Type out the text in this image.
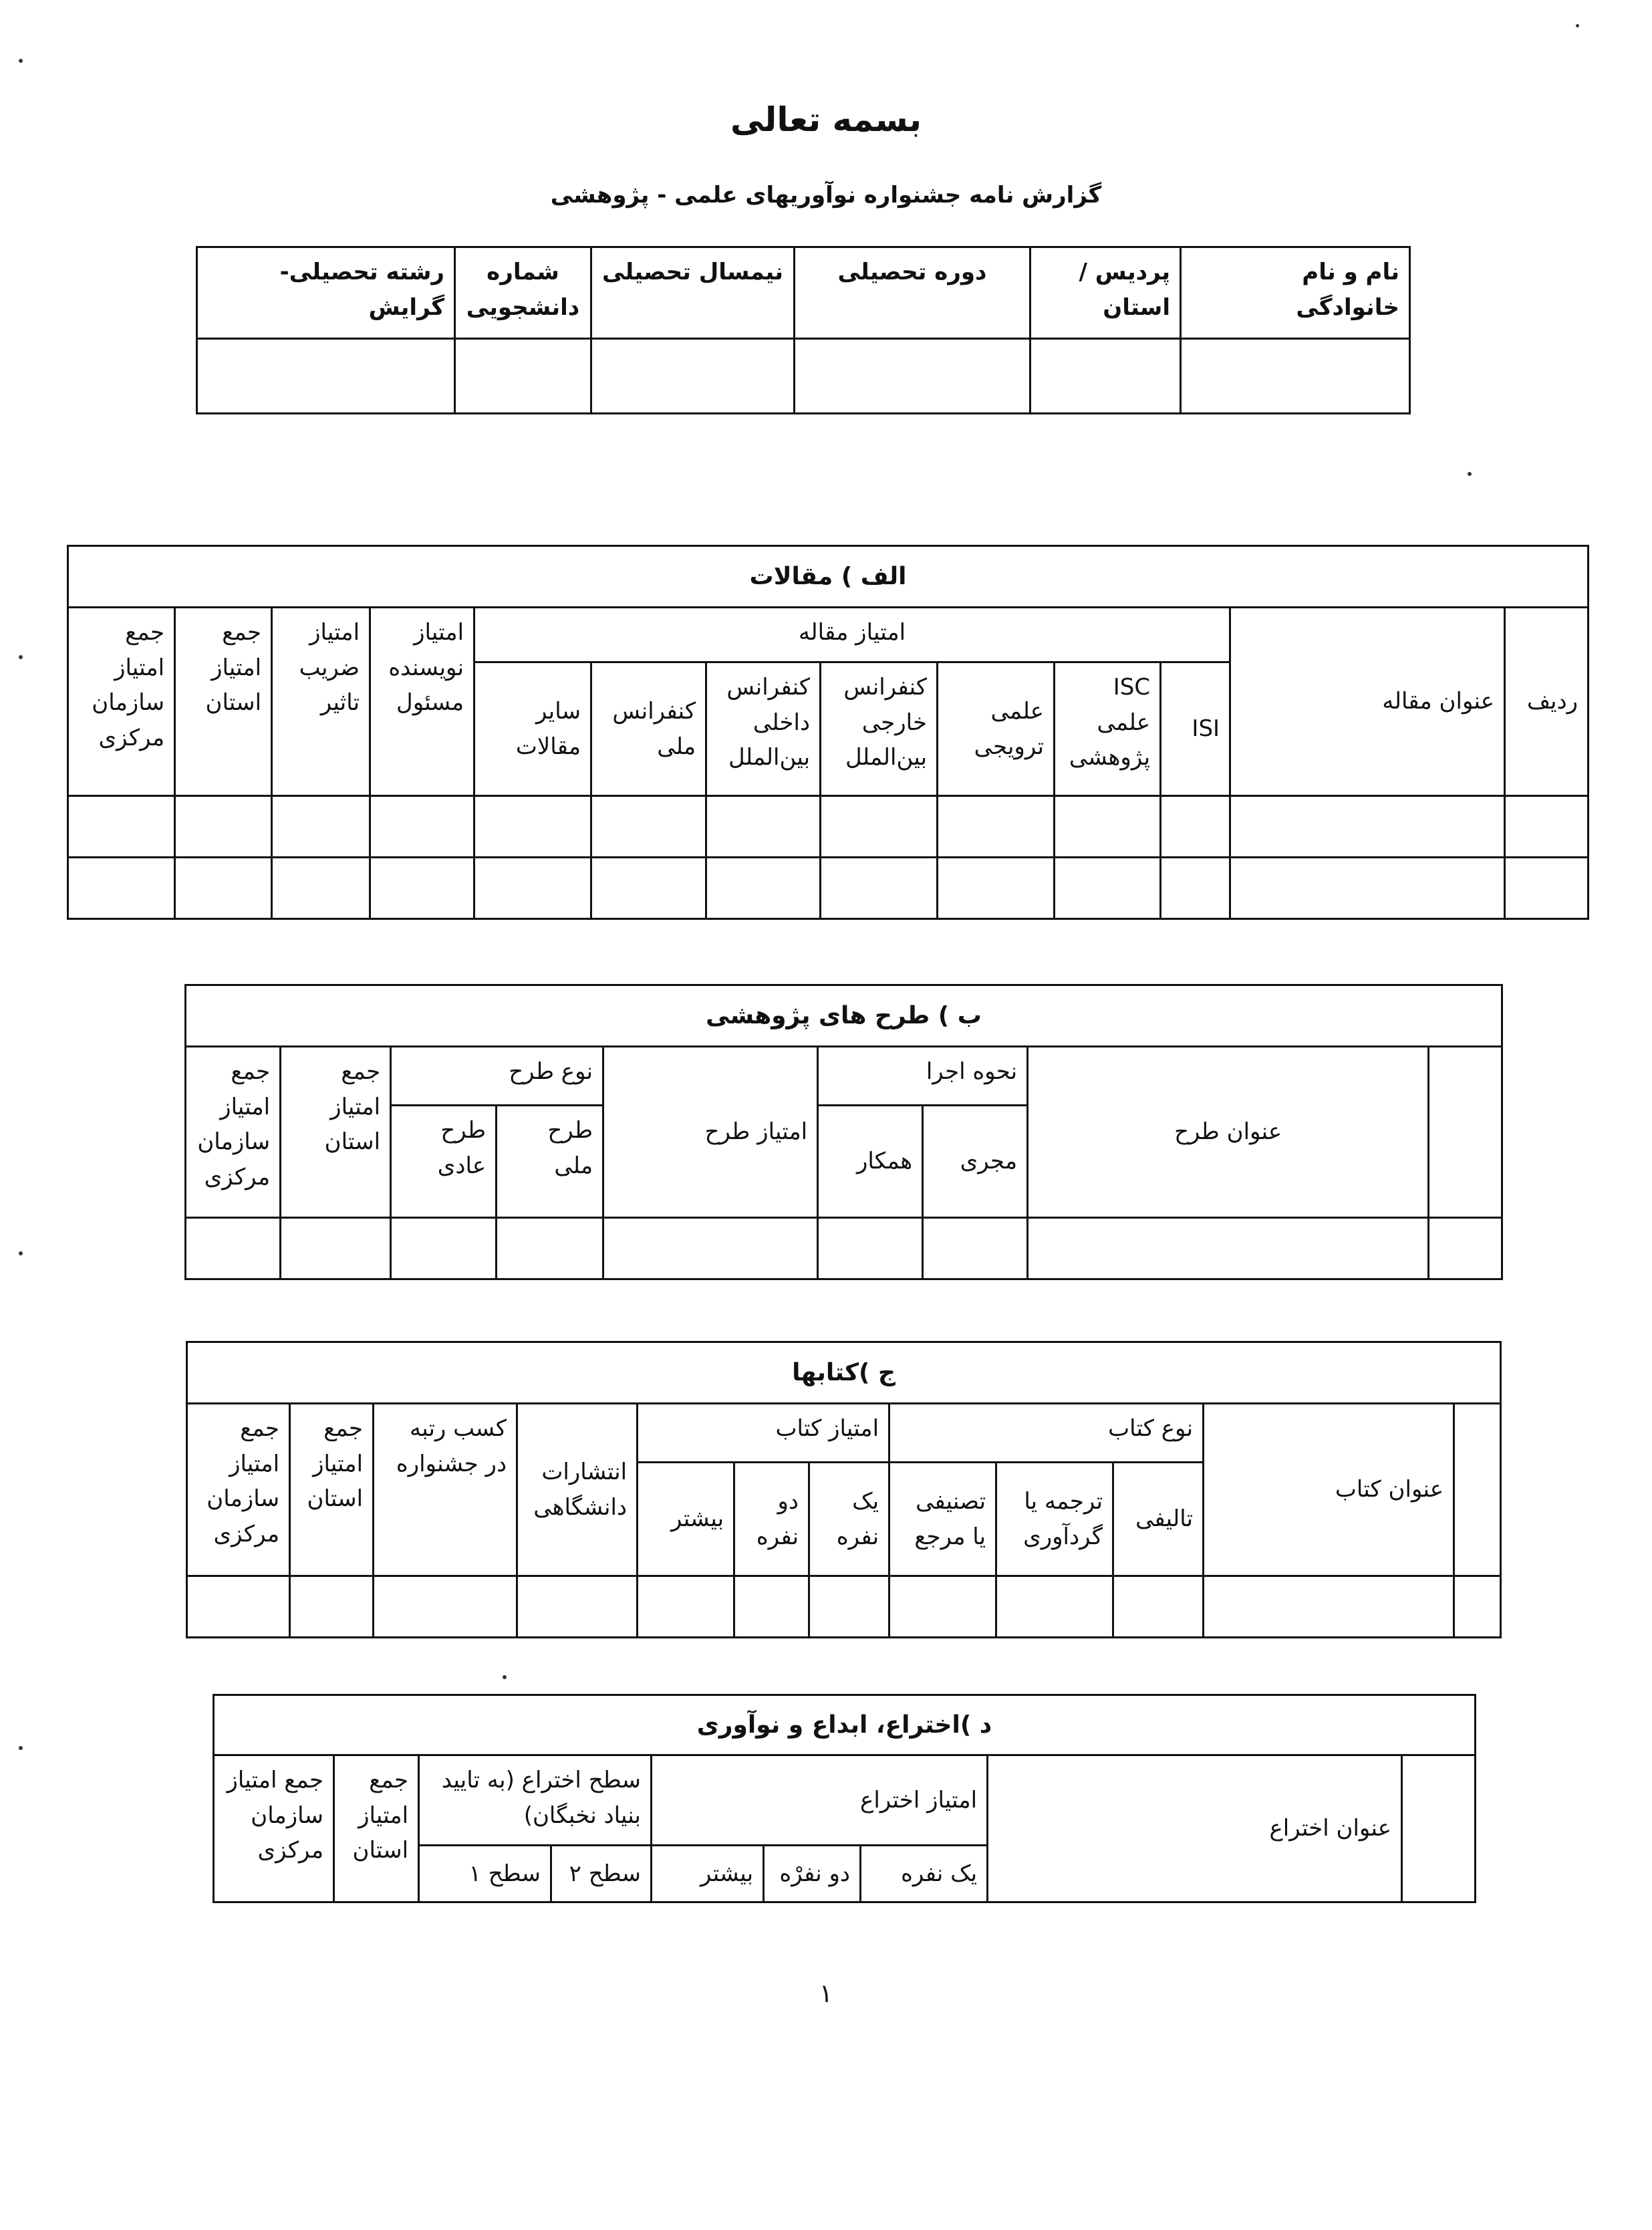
بسمه تعالی
گزارش نامه جشنواره نوآوریهای علمی - پژوهشی
نام و نام خانوادگی	پردیس / استان	دوره تحصیلی	نیمسال تحصیلی	شماره دانشجویی	رشته تحصیلی-گرایش

الف ) مقالات												
ردیف	عنوان مقاله	امتیاز مقاله							امتیاز نویسنده مسئول	امتیاز ضریب تاثیر	جمع امتیاز استان	جمع امتیاز سازمان مرکزی
		ISI	ISC علمی پژوهشی	علمی ترویجی	کنفرانس خارجی بین‌الملل	کنفرانس داخلی بین‌الملل	کنفرانس ملی	سایر مقالات				

ب ) طرح های پژوهشی								
	عنوان طرح	نحوه اجرا		امتیاز طرح	نوع طرح		جمع امتیاز استان	جمع امتیاز سازمان مرکزی
		مجری	همکار		طرح ملی	طرح عادی		

ج )کتابها											
	عنوان کتاب	نوع کتاب			امتیاز کتاب			انتشارات دانشگاهی	کسب رتبه در جشنواره	جمع امتیاز استان	جمع امتیاز سازمان مرکزی
		تالیفی	ترجمه یا گردآوری	تصنیفی یا مرجع	یک نفره	دو نفره	بیشتر				

د )اختراع، ابداع و نوآوری								
	عنوان اختراع	امتیاز اختراع			سطح اختراع (به تایید بنیاد نخبگان)		جمع امتیاز استان	جمع امتیاز سازمان مرکزی
		یک نفره	دو نفرْه	بیشتر	سطح ۲	سطح ۱		
۱
